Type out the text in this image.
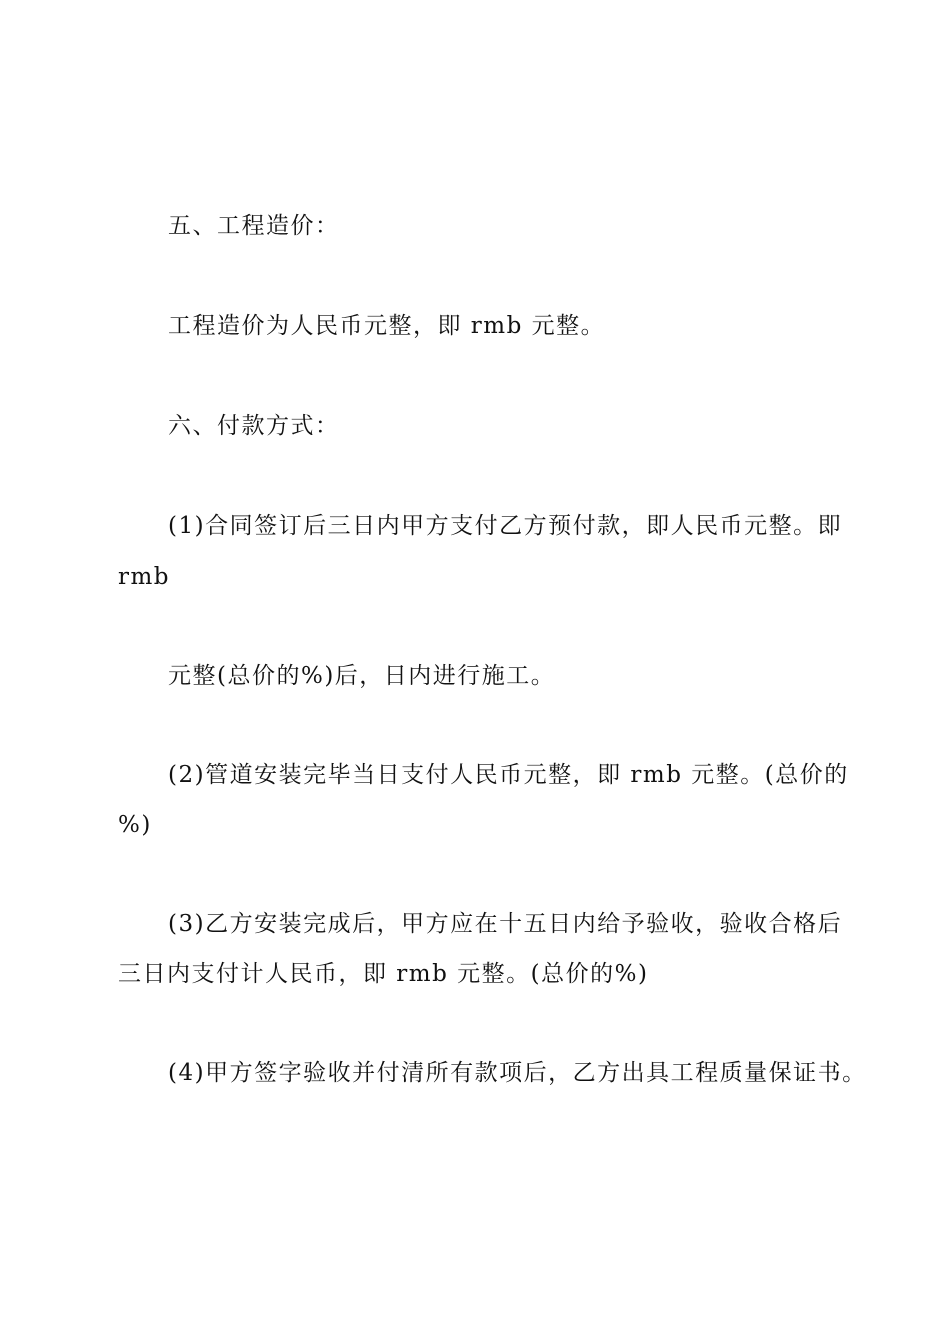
五、工程造价：
工程造价为人民币元整，即 rmb 元整。
六、付款方式：
(1)合同签订后三日内甲方支付乙方预付款，即人民币元整。即
rmb
元整(总价的%)后，日内进行施工。
(2)管道安装完毕当日支付人民币元整，即 rmb 元整。(总价的
%)
(3)乙方安装完成后，甲方应在十五日内给予验收，验收合格后
三日内支付计人民币，即 rmb 元整。(总价的%)
(4)甲方签字验收并付清所有款项后，乙方出具工程质量保证书。
